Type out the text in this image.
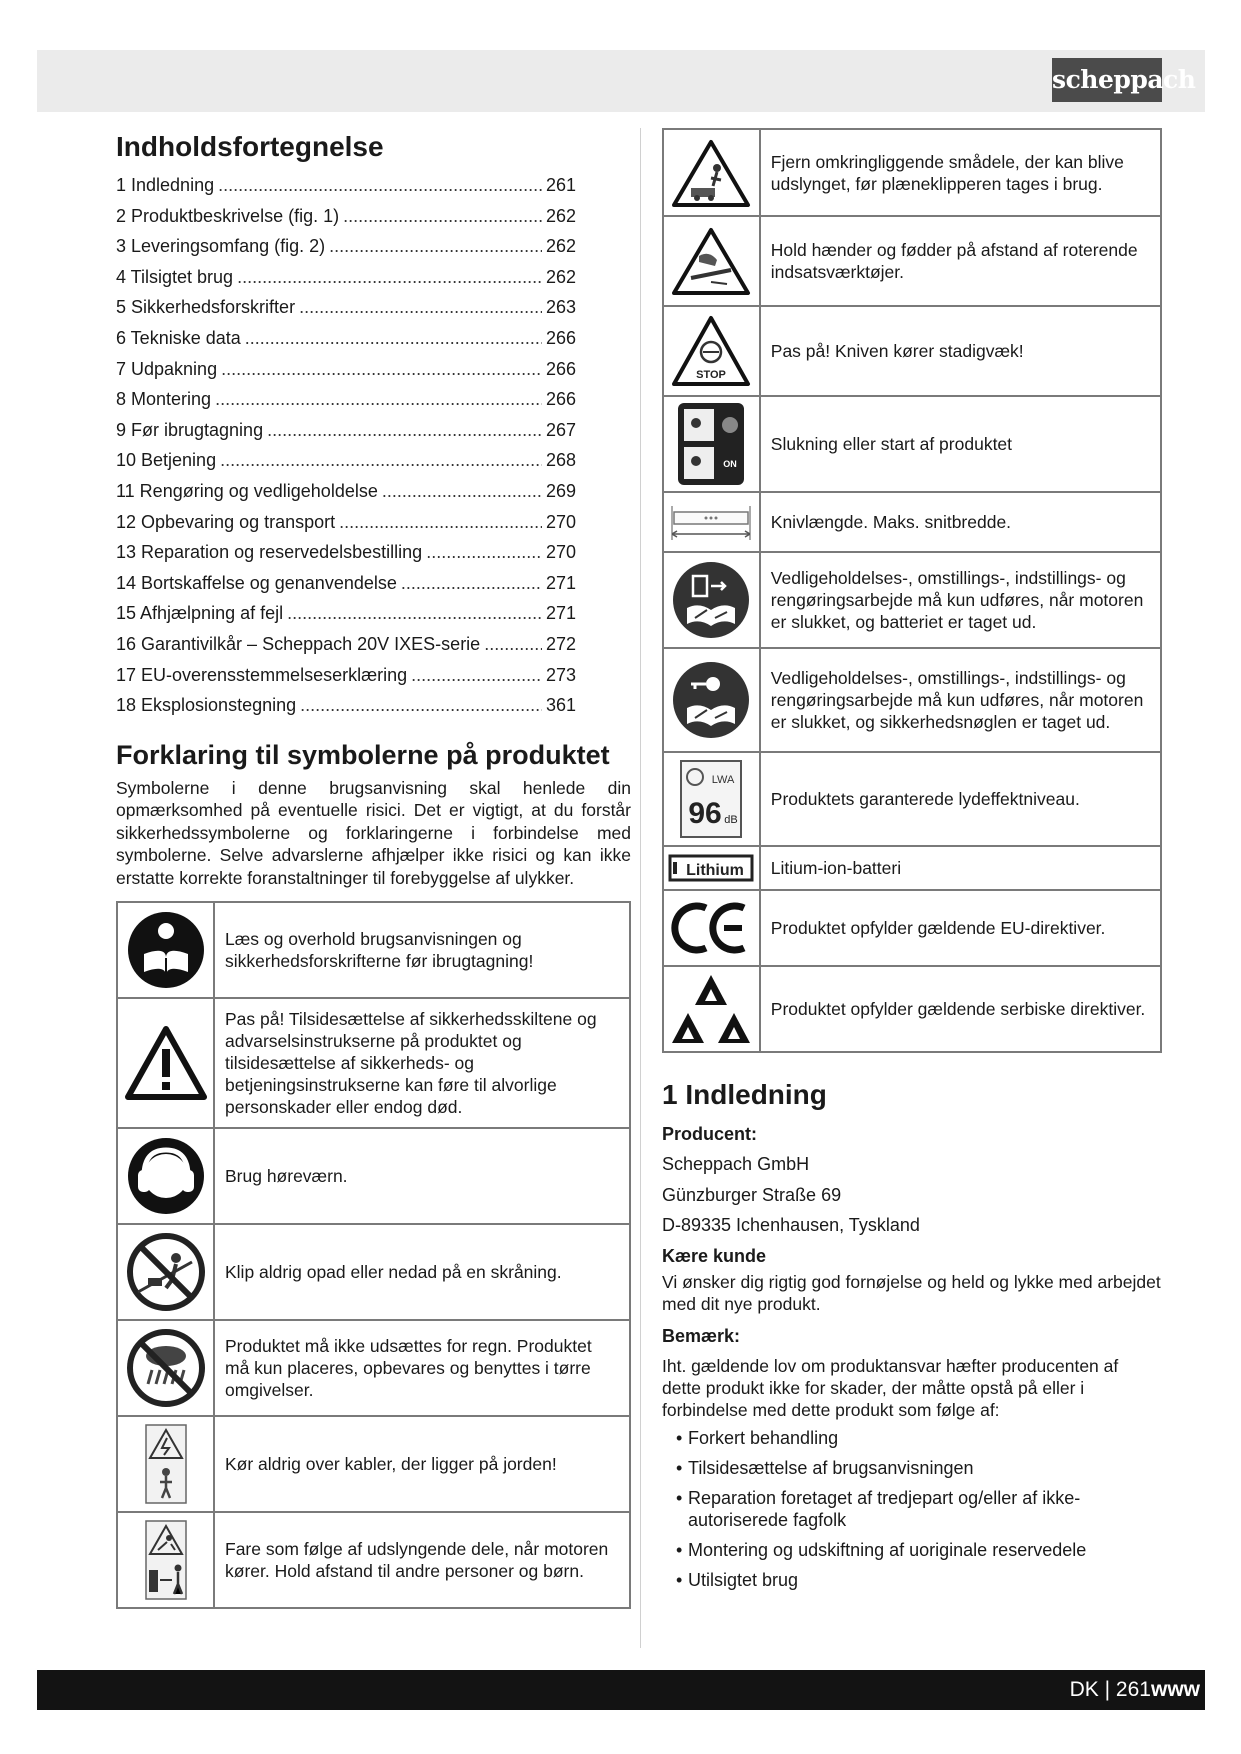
scheppach
Indholdsfortegnelse
1 Indledning .....	261
2 Produktbeskrivelse (fig. 1) .....	262
3 Leveringsomfang (fig. 2) .....	262
4 Tilsigtet brug .....	262
5 Sikkerhedsforskrifter .....	263
6 Tekniske data .....	266
7 Udpakning .....	266
8 Montering .....	266
9 Før ibrugtagning .....	267
10 Betjening .....	268
11 Rengøring og vedligeholdelse .....	269
12 Opbevaring og transport .....	270
13 Reparation og reservedelsbestilling .....	270
14 Bortskaffelse og genanvendelse .....	271
15 Afhjælpning af fejl .....	271
16 Garantivilkår – Scheppach 20V IXES-serie .....	272
17 EU-overensstemmelseserklæring .....	273
18 Eksplosionstegning .....	361
Forklaring til symbolerne på produktet

Symbolerne i denne brugsanvisning skal henlede din opmærksomhed på eventuelle risici. Det er vigtigt, at du forstår sikkerhedssymbolerne og forklaringerne i forbindelse med symbolerne. Selve advarslerne afhjælper ikke risici og kan ikke erstatte korrekte foranstaltninger til forebyggelse af ulykker.

	Læs og overhold brugsanvisningen og sikkerhedsforskrifterne før ibrugtagning!

	Pas på! Tilsidesættelse af sikkerhedsskiltene og advarselsinstrukserne på produktet og tilsidesættelse af sikkerheds- og betjeningsinstrukserne kan føre til alvorlige personskader eller endog død.

	Brug høreværn.

	Klip aldrig opad eller nedad på en skråning.

	Produktet må ikke udsættes for regn. Produktet må kun placeres, opbevares og benyttes i tørre omgivelser.

	Kør aldrig over kabler, der ligger på jorden!

	Fare som følge af udslyngende dele, når motoren kører. Hold afstand til andre personer og børn.
	Fjern omkringliggende smådele, der kan blive udslynget, før plæneklipperen tages i brug.

	Hold hænder og fødder på afstand af roterende indsatsværktøjer.

STOP	Pas på! Kniven kører stadigvæk!

ON	Slukning eller start af produktet

	Knivlængde. Maks. snitbredde.

	Vedligeholdelses-, omstillings-, indstillings- og rengøringsarbejde må kun udføres, når motoren er slukket, og batteriet er taget ud.

	Vedligeholdelses-, omstillings-, indstillings- og rengøringsarbejde må kun udføres, når motoren er slukket, og sikkerhedsnøglen er taget ud.

LWA
96 dB	Produktets garanterede lydeffektniveau.

Lithium	Litium-ion-batteri

	Produktet opfylder gældende EU-direktiver.

	Produktet opfylder gældende serbiske direktiver.
1 Indledning

Producent:

Scheppach GmbH

Günzburger Straße 69

D-89335 Ichenhausen, Tyskland

Kære kunde

Vi ønsker dig rigtig god fornøjelse og held og lykke med arbejdet med dit nye produkt.

Bemærk:

Iht. gældende lov om produktansvar hæfter producenten af dette produkt ikke for skader, der måtte opstå på eller i forbindelse med dette produkt som følge af:

• Forkert behandling
• Tilsidesættelse af brugsanvisningen
• Reparation foretaget af tredjepart og/eller af ikke-autoriserede fagfolk
• Montering og udskiftning af uoriginale reservedele
• Utilsigtet brug
DK | 261www
